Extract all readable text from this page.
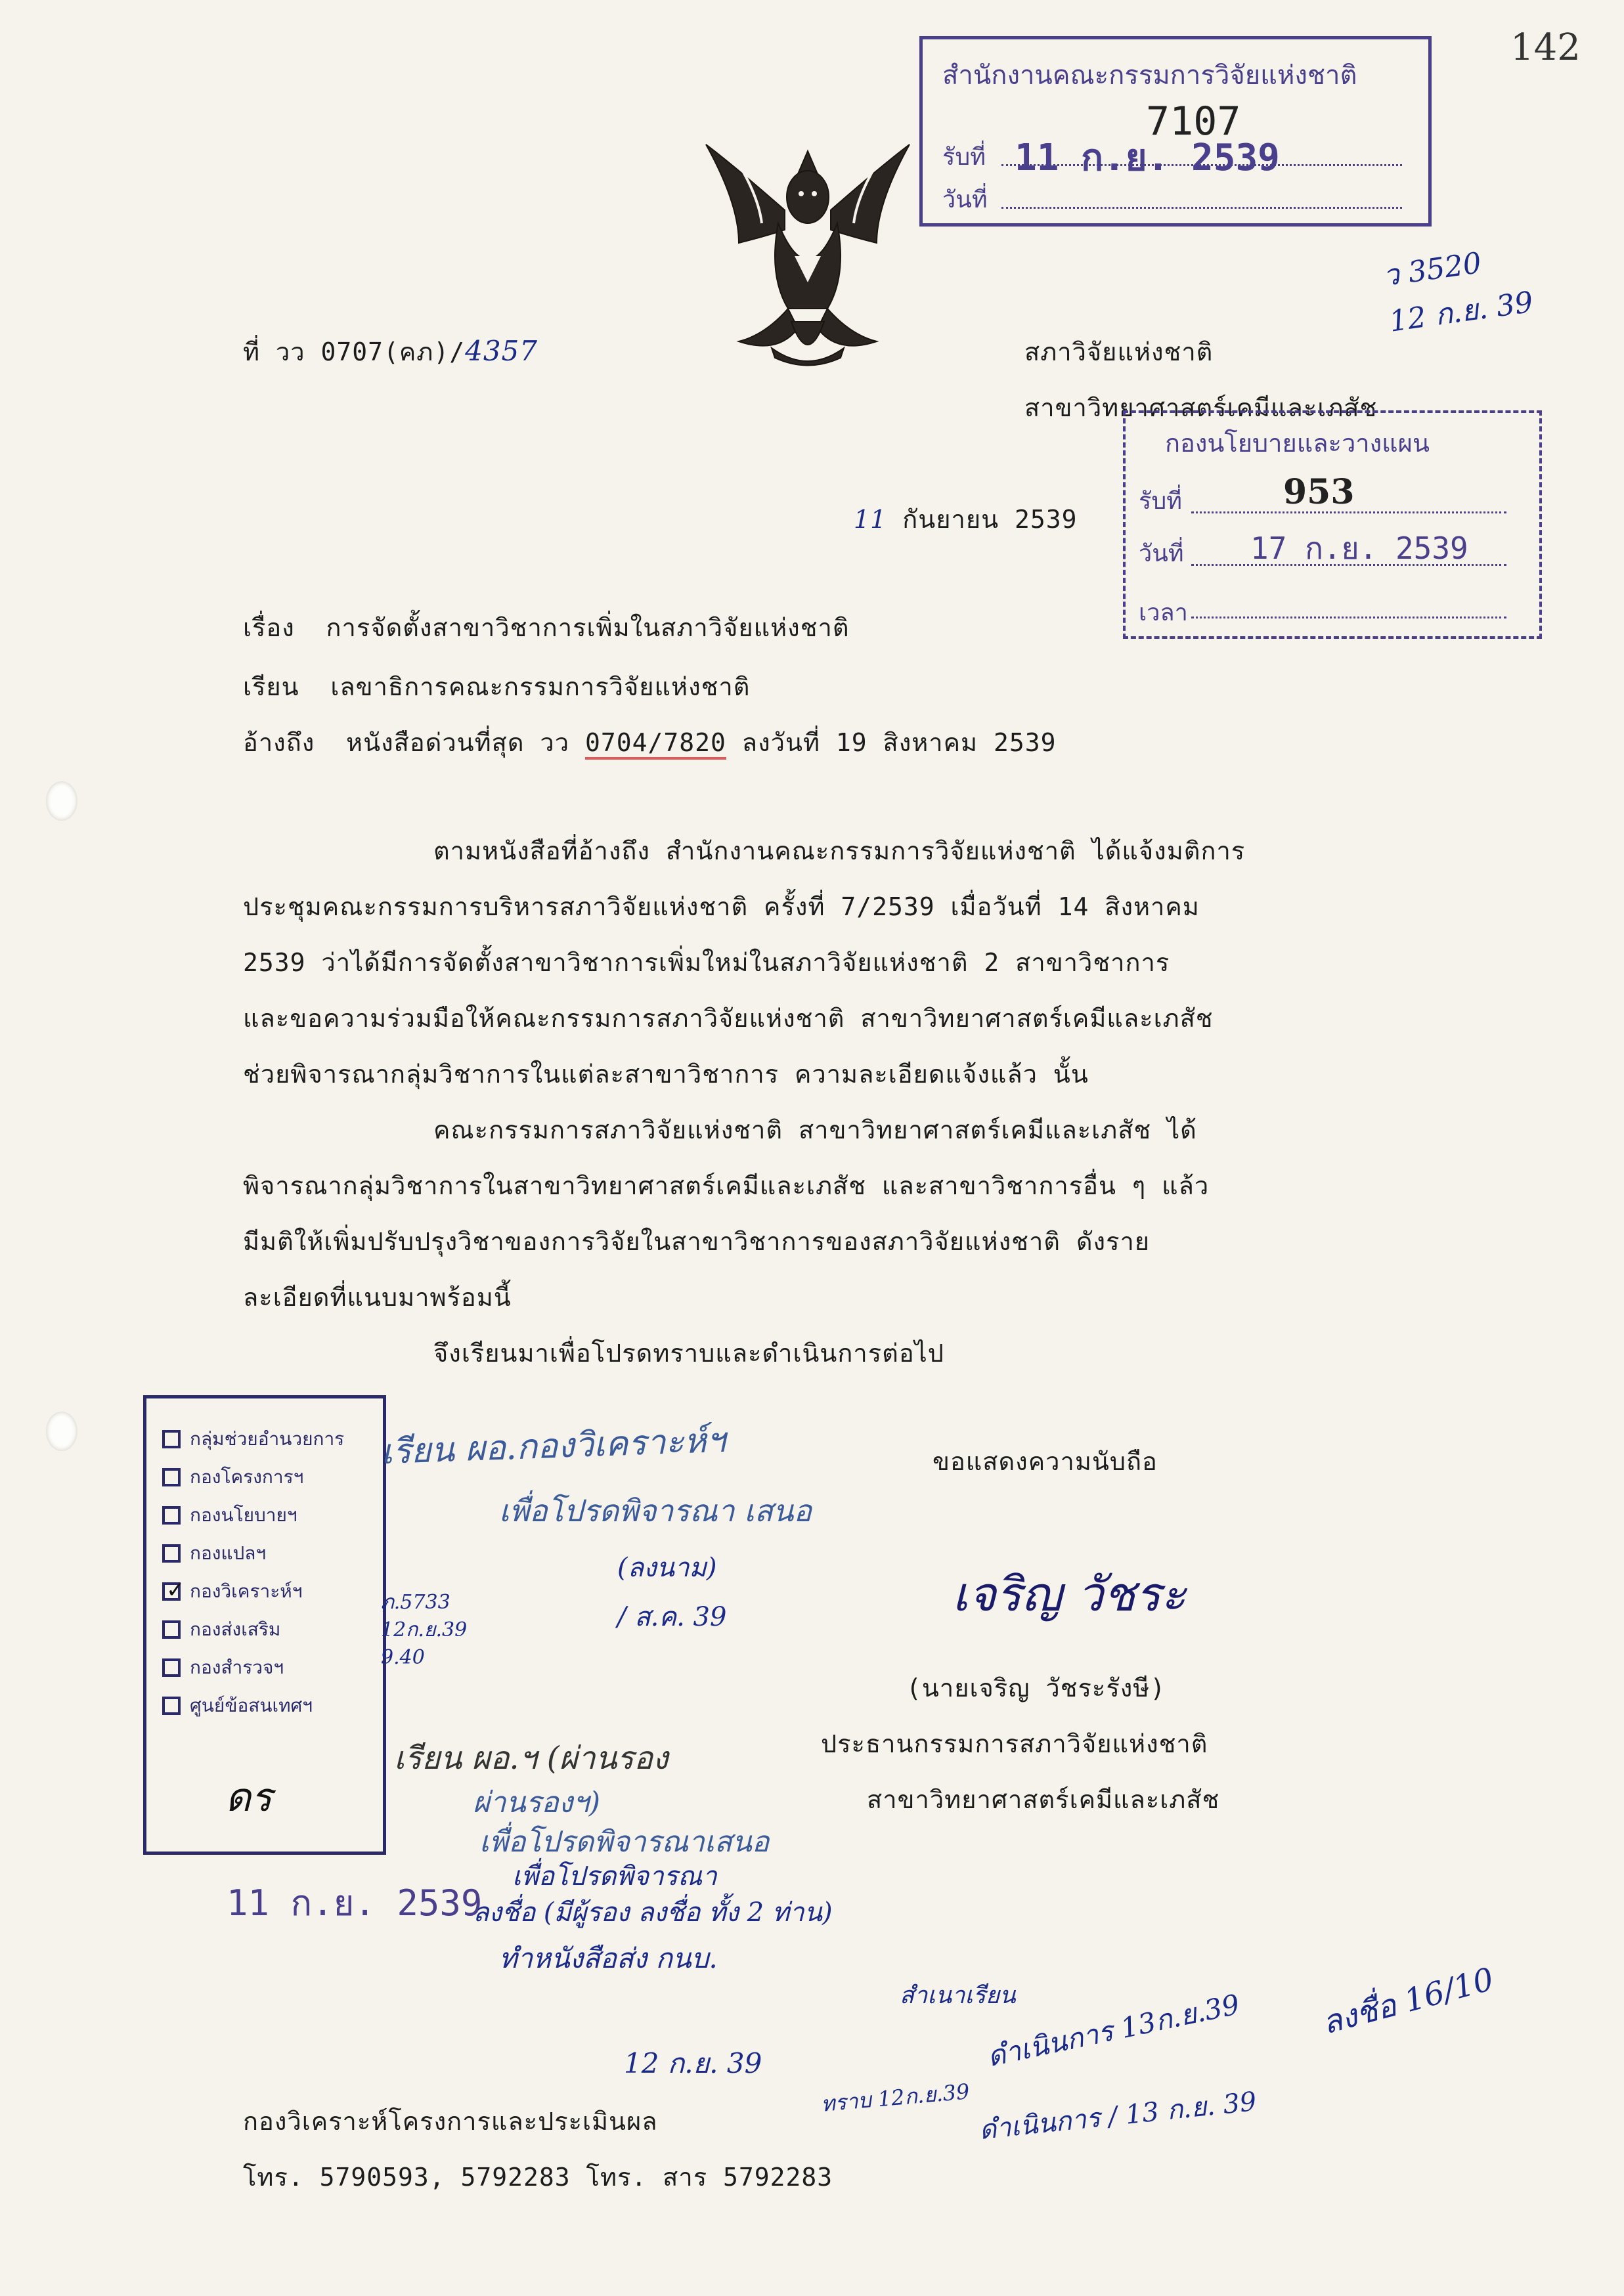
142
สำนักงานคณะกรรมการวิจัยแห่งชาติ
7107
รับที่ 11 ก.ย. 2539
วันที่
ว 3520
12 ก.ย. 39
ที่ วว 0707(คภ)/4357	สภาวิจัยแห่งชาติ
สาขาวิทยาศาสตร์เคมีและเภสัช
กองนโยบายและวางแผน
รับที่	953
วันที่ 17 ก.ย. 2539
เวลา
11 กันยายน 2539
เรื่อง การจัดตั้งสาขาวิชาการเพิ่มในสภาวิจัยแห่งชาติ
เรียน เลขาธิการคณะกรรมการวิจัยแห่งชาติ
อ้างถึง หนังสือด่วนที่สุด วว 0704/7820 ลงวันที่ 19 สิงหาคม 2539
ตามหนังสือที่อ้างถึง สำนักงานคณะกรรมการวิจัยแห่งชาติ ได้แจ้งมติการ
ประชุมคณะกรรมการบริหารสภาวิจัยแห่งชาติ ครั้งที่ 7/2539 เมื่อวันที่ 14 สิงหาคม
2539 ว่าได้มีการจัดตั้งสาขาวิชาการเพิ่มใหม่ในสภาวิจัยแห่งชาติ 2 สาขาวิชาการ
และขอความร่วมมือให้คณะกรรมการสภาวิจัยแห่งชาติ สาขาวิทยาศาสตร์เคมีและเภสัช
ช่วยพิจารณากลุ่มวิชาการในแต่ละสาขาวิชาการ ความละเอียดแจ้งแล้ว นั้น
คณะกรรมการสภาวิจัยแห่งชาติ สาขาวิทยาศาสตร์เคมีและเภสัช ได้
พิจารณากลุ่มวิชาการในสาขาวิทยาศาสตร์เคมีและเภสัช และสาขาวิชาการอื่น ๆ แล้ว
มีมติให้เพิ่มปรับปรุงวิชาของการวิจัยในสาขาวิชาการของสภาวิจัยแห่งชาติ ดังราย
ละเอียดที่แนบมาพร้อมนี้
จึงเรียนมาเพื่อโปรดทราบและดำเนินการต่อไป
ขอแสดงความนับถือ
เจริญ วัชระ
(นายเจริญ วัชระรังษี)
ประธานกรรมการสภาวิจัยแห่งชาติ
สาขาวิทยาศาสตร์เคมีและเภสัช
กลุ่มช่วยอำนวยการ
กองโครงการฯ
กองนโยบายฯ
กองแปลฯ
✓ กองวิเคราะห์ฯ
กองส่งเสริม
กองสำรวจฯ
ศูนย์ข้อสนเทศฯ
ดร
11 ก.ย. 2539
เรียน ผอ.กองวิเคราะห์ฯ
เพื่อโปรดพิจารณา เสนอ
(ลงนาม)
/ ส.ค. 39
ภ.5733 12ก.ย.39 9.40
เรียน ผอ.ฯ (ผ่านรอง
ผ่านรองฯ)
เพื่อโปรดพิจารณาเสนอ
เพื่อโปรดพิจารณา
ลงชื่อ (มีผู้รอง ลงชื่อ ทั้ง 2 ท่าน)
ทำหนังสือส่ง กนบ.
12 ก.ย. 39
สำเนาเรียน
ทราบ 12ก.ย.39
ดำเนินการ 13ก.ย.39 ลงชื่อ 16/10
ดำเนินการ / 13 ก.ย. 39
กองวิเคราะห์โครงการและประเมินผล
โทร. 5790593, 5792283 โทร. สาร 5792283
